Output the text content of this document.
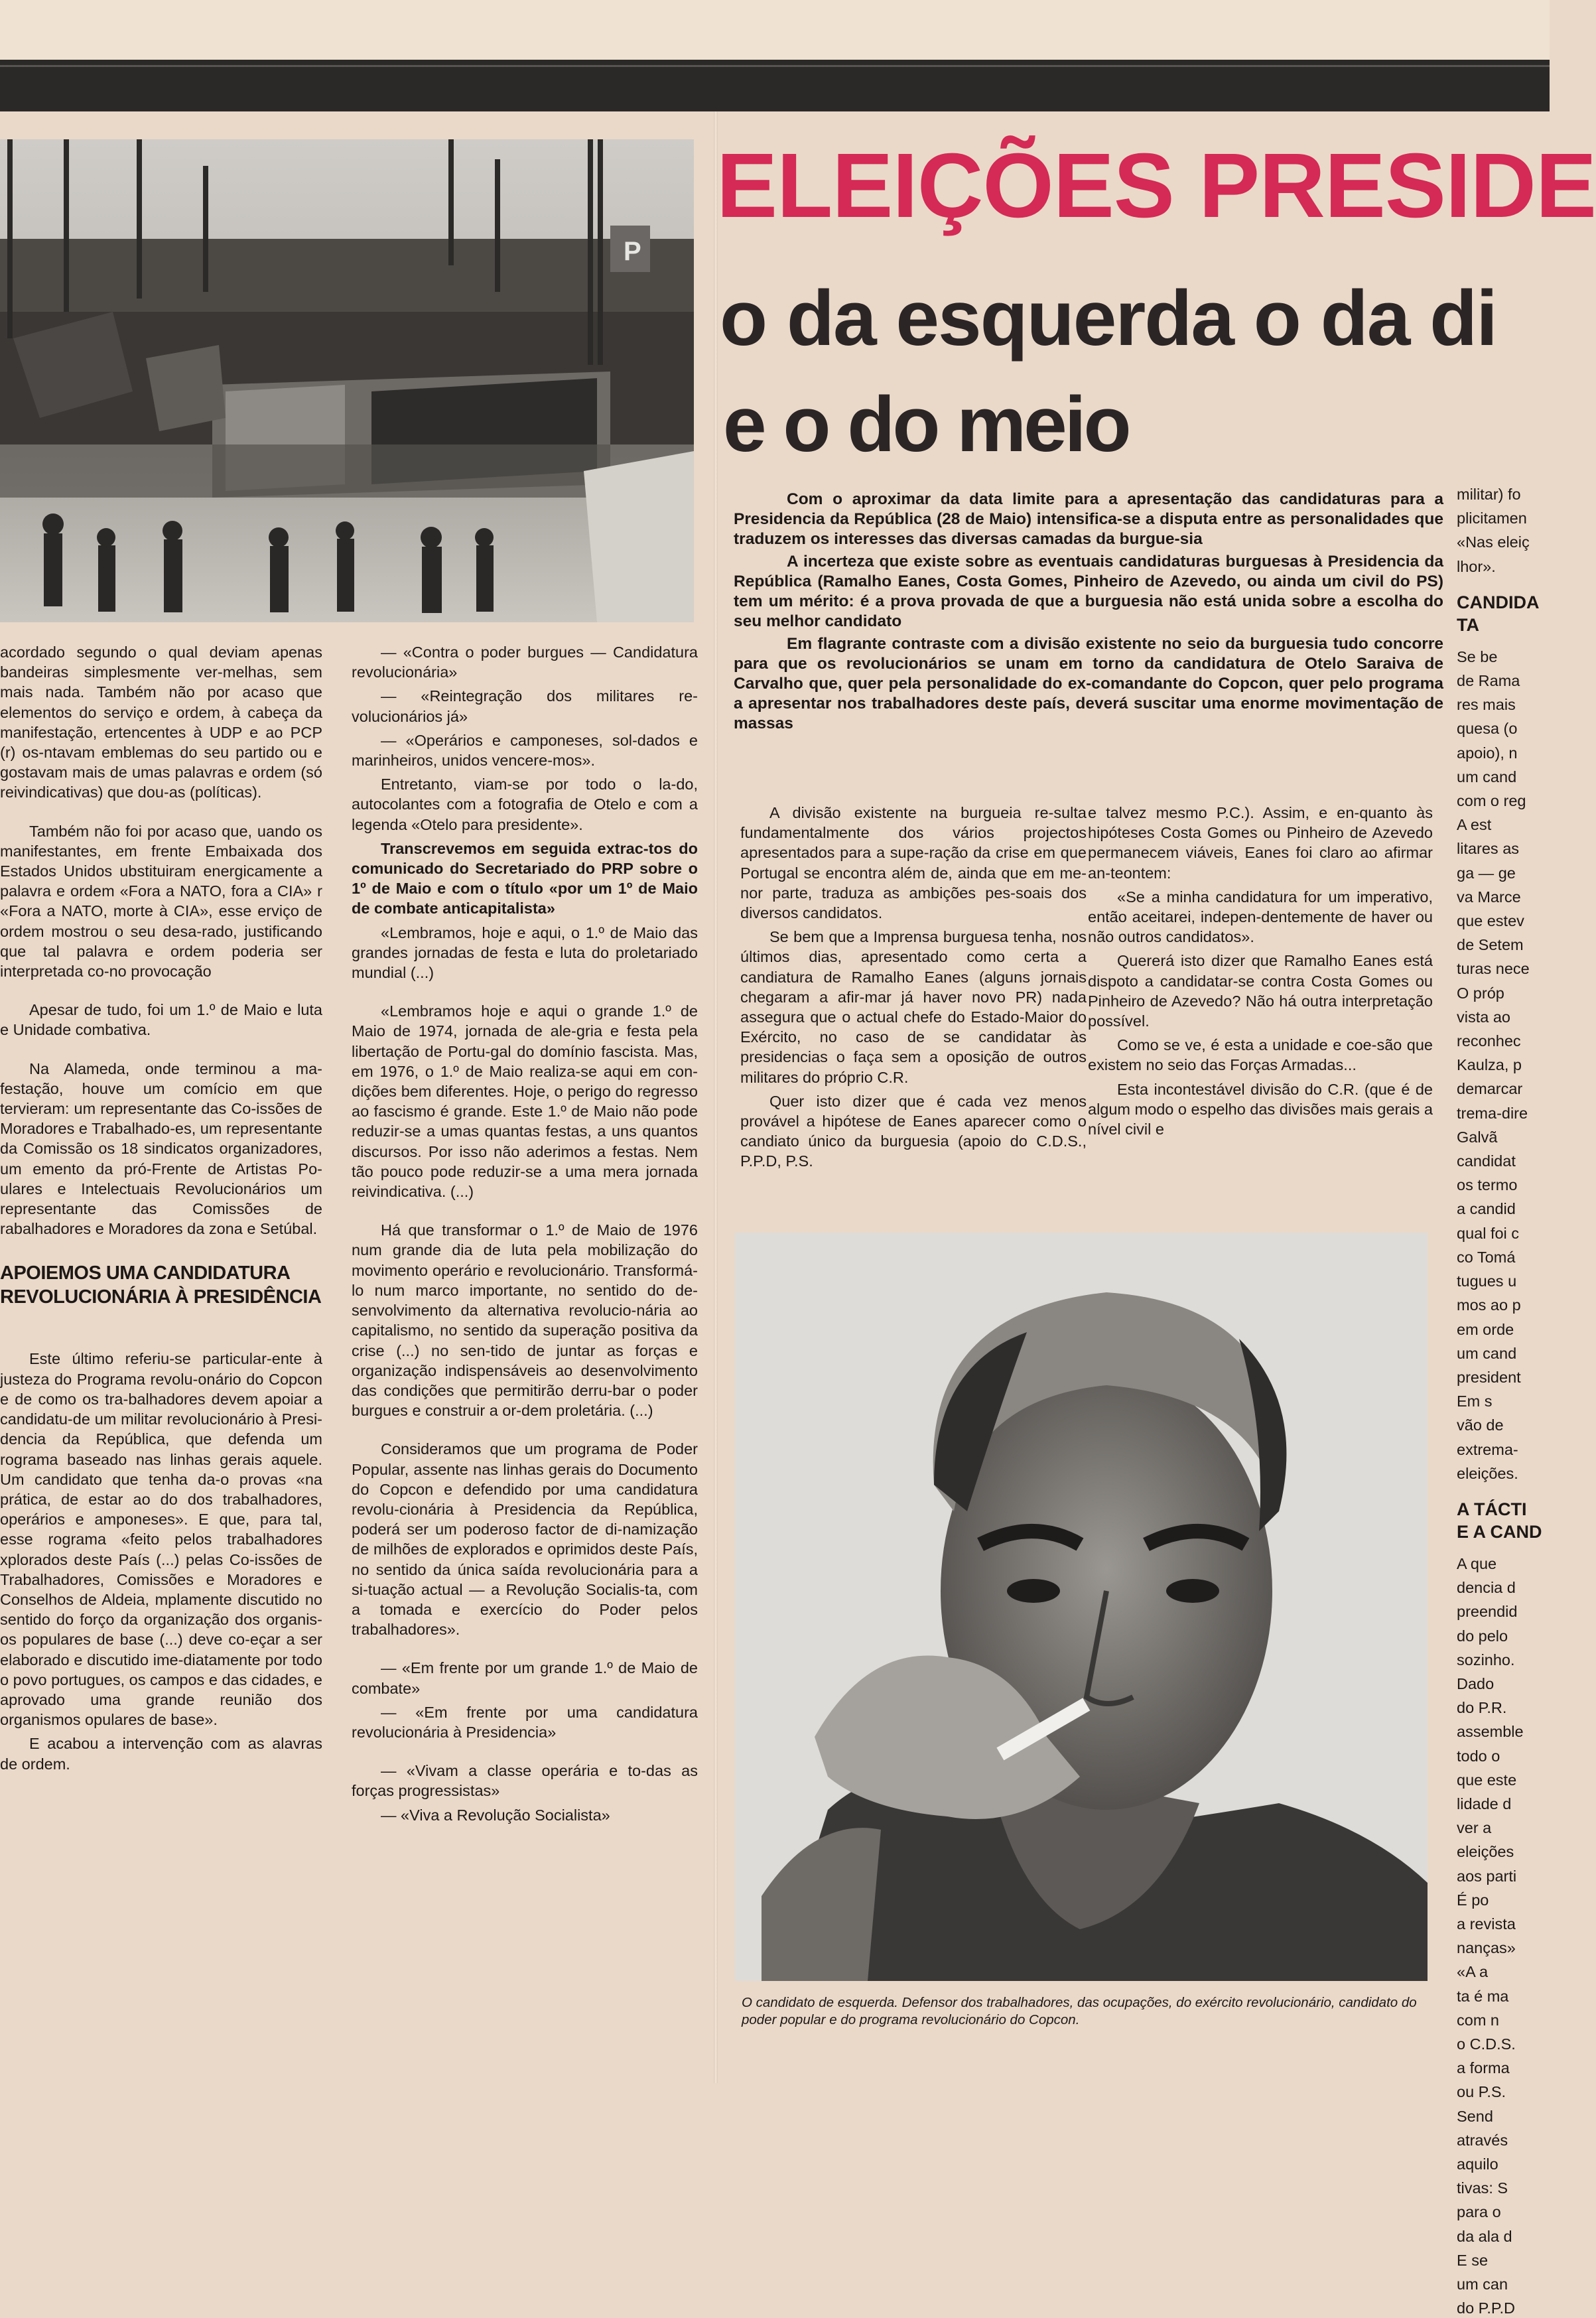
P
ELEIÇÕES PRESIDE
o da esquerda o da di
e o do meio

Com o aproximar da data limite para a apresentação das candidaturas para a Presidencia da República (28 de Maio) intensifica-se a disputa entre as personalidades que traduzem os interesses das diversas camadas da burgue-sia

A incerteza que existe sobre as eventuais candidaturas burguesas à Presidencia da República (Ramalho Eanes, Costa Gomes, Pinheiro de Azevedo, ou ainda um civil do PS) tem um mérito: é a prova provada de que a burguesia não está unida sobre a escolha do seu melhor candidato

Em flagrante contraste com a divisão existente no seio da burguesia tudo concorre para que os revolucionários se unam em torno da candidatura de Otelo Saraiva de Carvalho que, quer pela personalidade do ex-comandante do Copcon, quer pelo programa a apresentar nos trabalhadores deste país, deverá suscitar uma enorme movimentação de massas

acordado segundo o qual deviam apenas bandeiras simplesmente ver-melhas, sem mais nada. Também não por acaso que elementos do serviço e ordem, à cabeça da manifestação, ertencentes à UDP e ao PCP (r) os-ntavam emblemas do seu partido ou e gostavam mais de umas palavras e ordem (só reivindicativas) que dou-as (políticas).

Também não foi por acaso que, uando os manifestantes, em frente Embaixada dos Estados Unidos ubstituiram energicamente a palavra e ordem «Fora a NATO, fora a CIA» r «Fora a NATO, morte à CIA», esse erviço de ordem mostrou o seu desa-rado, justificando que tal palavra e ordem poderia ser interpretada co-no provocação

Apesar de tudo, foi um 1.º de Maio e luta e Unidade combativa.

Na Alameda, onde terminou a ma-festação, houve um comício em que tervieram: um representante das Co-issões de Moradores e Trabalhado-es, um representante da Comissão os 18 sindicatos organizadores, um emento da pró-Frente de Artistas Po-ulares e Intelectuais Revolucionários um representante das Comissões de rabalhadores e Moradores da zona e Setúbal.

APOIEMOS UMA CANDIDATURA REVOLUCIONÁRIA À PRESIDÊNCIA

Este último referiu-se particular-ente à justeza do Programa revolu-onário do Copcon e de como os tra-balhadores devem apoiar a candidatu-de um militar revolucionário à Presi-dencia da República, que defenda um rograma baseado nas linhas gerais aquele. Um candidato que tenha da-o provas «na prática, de estar ao do dos trabalhadores, operários e amponeses». E que, para tal, esse rograma «feito pelos trabalhadores xplorados deste País (...) pelas Co-issões de Trabalhadores, Comissões e Moradores e Conselhos de Aldeia, mplamente discutido no sentido do forço da organização dos organis-os populares de base (...) deve co-eçar a ser elaborado e discutido ime-diatamente por todo o povo portugues, os campos e das cidades, e aprovado uma grande reunião dos organismos opulares de base».

E acabou a intervenção com as alavras de ordem.

— «Contra o poder burgues — Candidatura revolucionária»

— «Reintegração dos militares re-volucionários já»

— «Operários e camponeses, sol-dados e marinheiros, unidos vencere-mos».

Entretanto, viam-se por todo o la-do, autocolantes com a fotografia de Otelo e com a legenda «Otelo para presidente».

Transcrevemos em seguida extrac-tos do comunicado do Secretariado do PRP sobre o 1º de Maio e com o título «por um 1º de Maio de combate anticapitalista»

«Lembramos, hoje e aqui, o 1.º de Maio das grandes jornadas de festa e luta do proletariado mundial (...)

«Lembramos hoje e aqui o grande 1.º de Maio de 1974, jornada de ale-gria e festa pela libertação de Portu-gal do domínio fascista. Mas, em 1976, o 1.º de Maio realiza-se aqui em con-dições bem diferentes. Hoje, o perigo do regresso ao fascismo é grande. Este 1.º de Maio não pode reduzir-se a umas quantas festas, a uns quantos discursos. Por isso não aderimos a festas. Nem tão pouco pode reduzir-se a uma mera jornada reivindicativa. (...)

Há que transformar o 1.º de Maio de 1976 num grande dia de luta pela mobilização do movimento operário e revolucionário. Transformá-lo num marco importante, no sentido do de-senvolvimento da alternativa revolucio-nária ao capitalismo, no sentido da superação positiva da crise (...) no sen-tido de juntar as forças e organização indispensáveis ao desenvolvimento das condições que permitirão derru-bar o poder burgues e construir a or-dem proletária. (...)

Consideramos que um programa de Poder Popular, assente nas linhas gerais do Documento do Copcon e defendido por uma candidatura revolu-cionária à Presidencia da República, poderá ser um poderoso factor de di-namização de milhões de explorados e oprimidos deste País, no sentido da única saída revolucionária para a si-tuação actual — a Revolução Socialis-ta, com a tomada e exercício do Poder pelos trabalhadores».

— «Em frente por um grande 1.º de Maio de combate»

— «Em frente por uma candidatura revolucionária à Presidencia»

— «Vivam a classe operária e to-das as forças progressistas»

— «Viva a Revolução Socialista»

A divisão existente na burgueia re-sulta fundamentalmente dos vários projectos apresentados para a supe-ração da crise em que Portugal se encontra além de, ainda que em me-nor parte, traduza as ambições pes-soais dos diversos candidatos.

Se bem que a Imprensa burguesa tenha, nos últimos dias, apresentado como certa a candiatura de Ramalho Eanes (alguns jornais chegaram a afir-mar já haver novo PR) nada assegura que o actual chefe do Estado-Maior do Exército, no caso de se candidatar às presidencias o faça sem a oposição de outros militares do próprio C.R.

Quer isto dizer que é cada vez menos provável a hipótese de Eanes aparecer como o candiato único da burguesia (apoio do C.D.S., P.P.D, P.S.

e talvez mesmo P.C.). Assim, e en-quanto às hipóteses Costa Gomes ou Pinheiro de Azevedo permanecem viáveis, Eanes foi claro ao afirmar an-teontem:

«Se a minha candidatura for um imperativo, então aceitarei, indepen-dentemente de haver ou não outros candidatos».

Quererá isto dizer que Ramalho Eanes está dispoto a candidatar-se contra Costa Gomes ou Pinheiro de Azevedo? Não há outra interpretação possível.

Como se ve, é esta a unidade e coe-são que existem no seio das Forças Armadas...

Esta incontestável divisão do C.R. (que é de algum modo o espelho das divisões mais gerais a nível civil e

O candidato de esquerda. Defensor dos trabalhadores, das ocupações, do exército revolucionário, candidato do poder popular e do programa revolucionário do Copcon.

militar) fo

plicitamen

«Nas eleiç

lhor».

CANDIDA
TA

Se be

de Rama

res mais

quesa (o

apoio), n

um cand

com o reg

A est

litares as

ga — ge

va Marce

que estev

de Setem

turas nece

O próp

vista ao

reconhec

Kaulza, p

demarcar

trema-dire

Galvã

candidat

os termo

a candid

qual foi c

co Tomá

tugues u

mos ao p

em orde

um cand

president

Em s

vão de

extrema-

eleições.

A TÁCTI
E A CAND

A que

dencia d

preendid

do pelo

sozinho.

Dado

do P.R.

assemble

todo o

que este

lidade d

ver a

eleições

aos parti

É po

a revista

nanças»

«A a

ta é ma

com n

o C.D.S.

a forma

ou P.S.

Send

através

aquilo

tivas: S

para o

da ala d

E se

um can

do P.P.D
